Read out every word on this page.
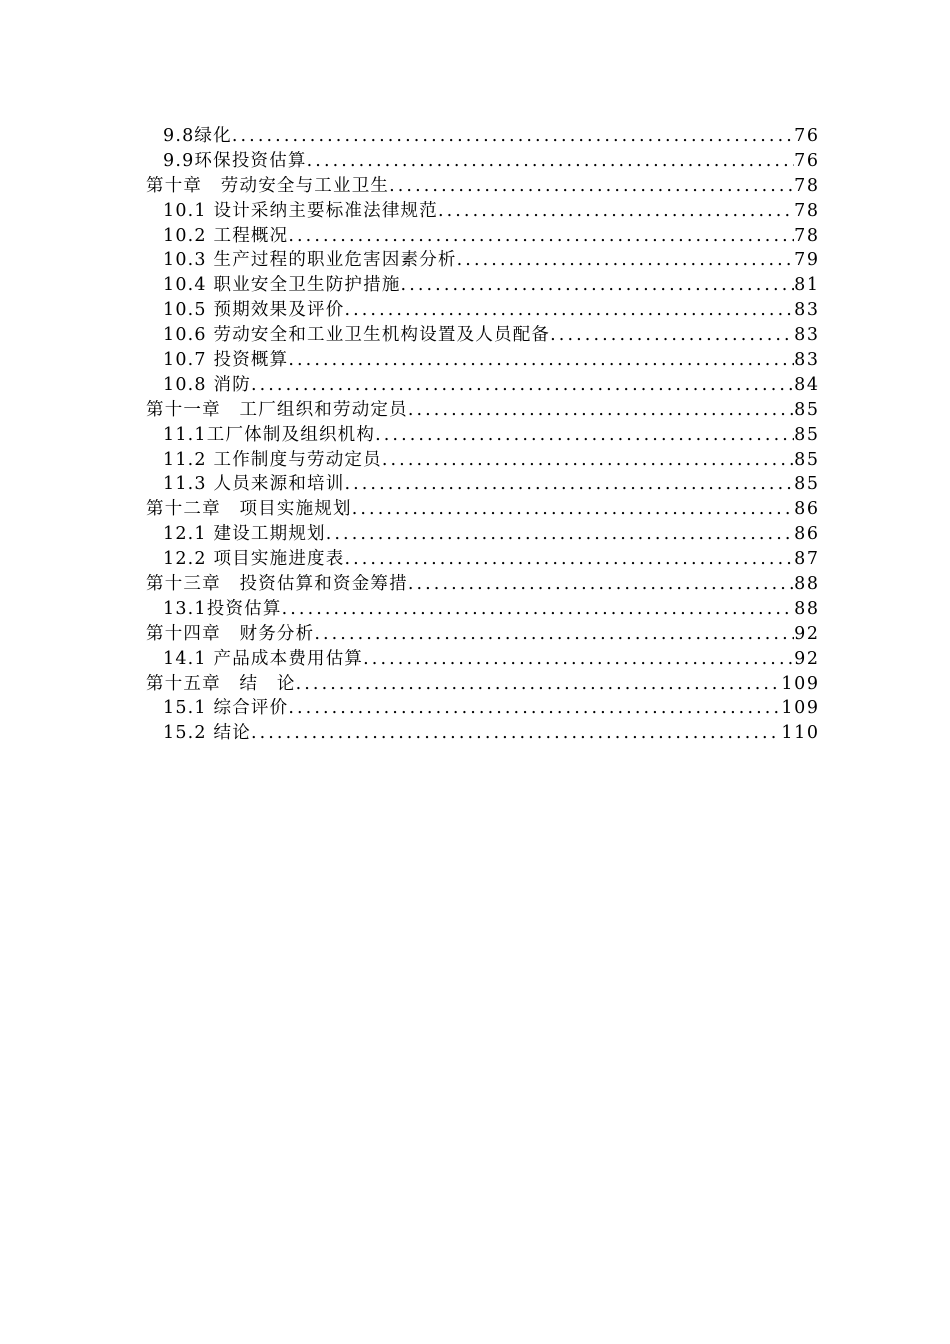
9.8绿化 .....	76
9.9环保投资估算 .....	76
第十章　劳动安全与工业卫生 .....	78
10.1 设计采纳主要标准法律规范 .....	78
10.2 工程概况 .....	78
10.3 生产过程的职业危害因素分析 .....	79
10.4 职业安全卫生防护措施 .....	81
10.5 预期效果及评价 .....	83
10.6 劳动安全和工业卫生机构设置及人员配备 .....	83
10.7 投资概算 .....	83
10.8 消防 .....	84
第十一章　工厂组织和劳动定员 .....	85
11.1工厂体制及组织机构 .....	85
11.2 工作制度与劳动定员 .....	85
11.3 人员来源和培训 .....	85
第十二章　项目实施规划 .....	86
12.1 建设工期规划 .....	86
12.2 项目实施进度表 .....	87
第十三章　投资估算和资金筹措 .....	88
13.1投资估算 .....	88
第十四章　财务分析 .....	92
14.1 产品成本费用估算 .....	92
第十五章　结　论 .....	109
15.1 综合评价 .....	109
15.2 结论 .....	110
